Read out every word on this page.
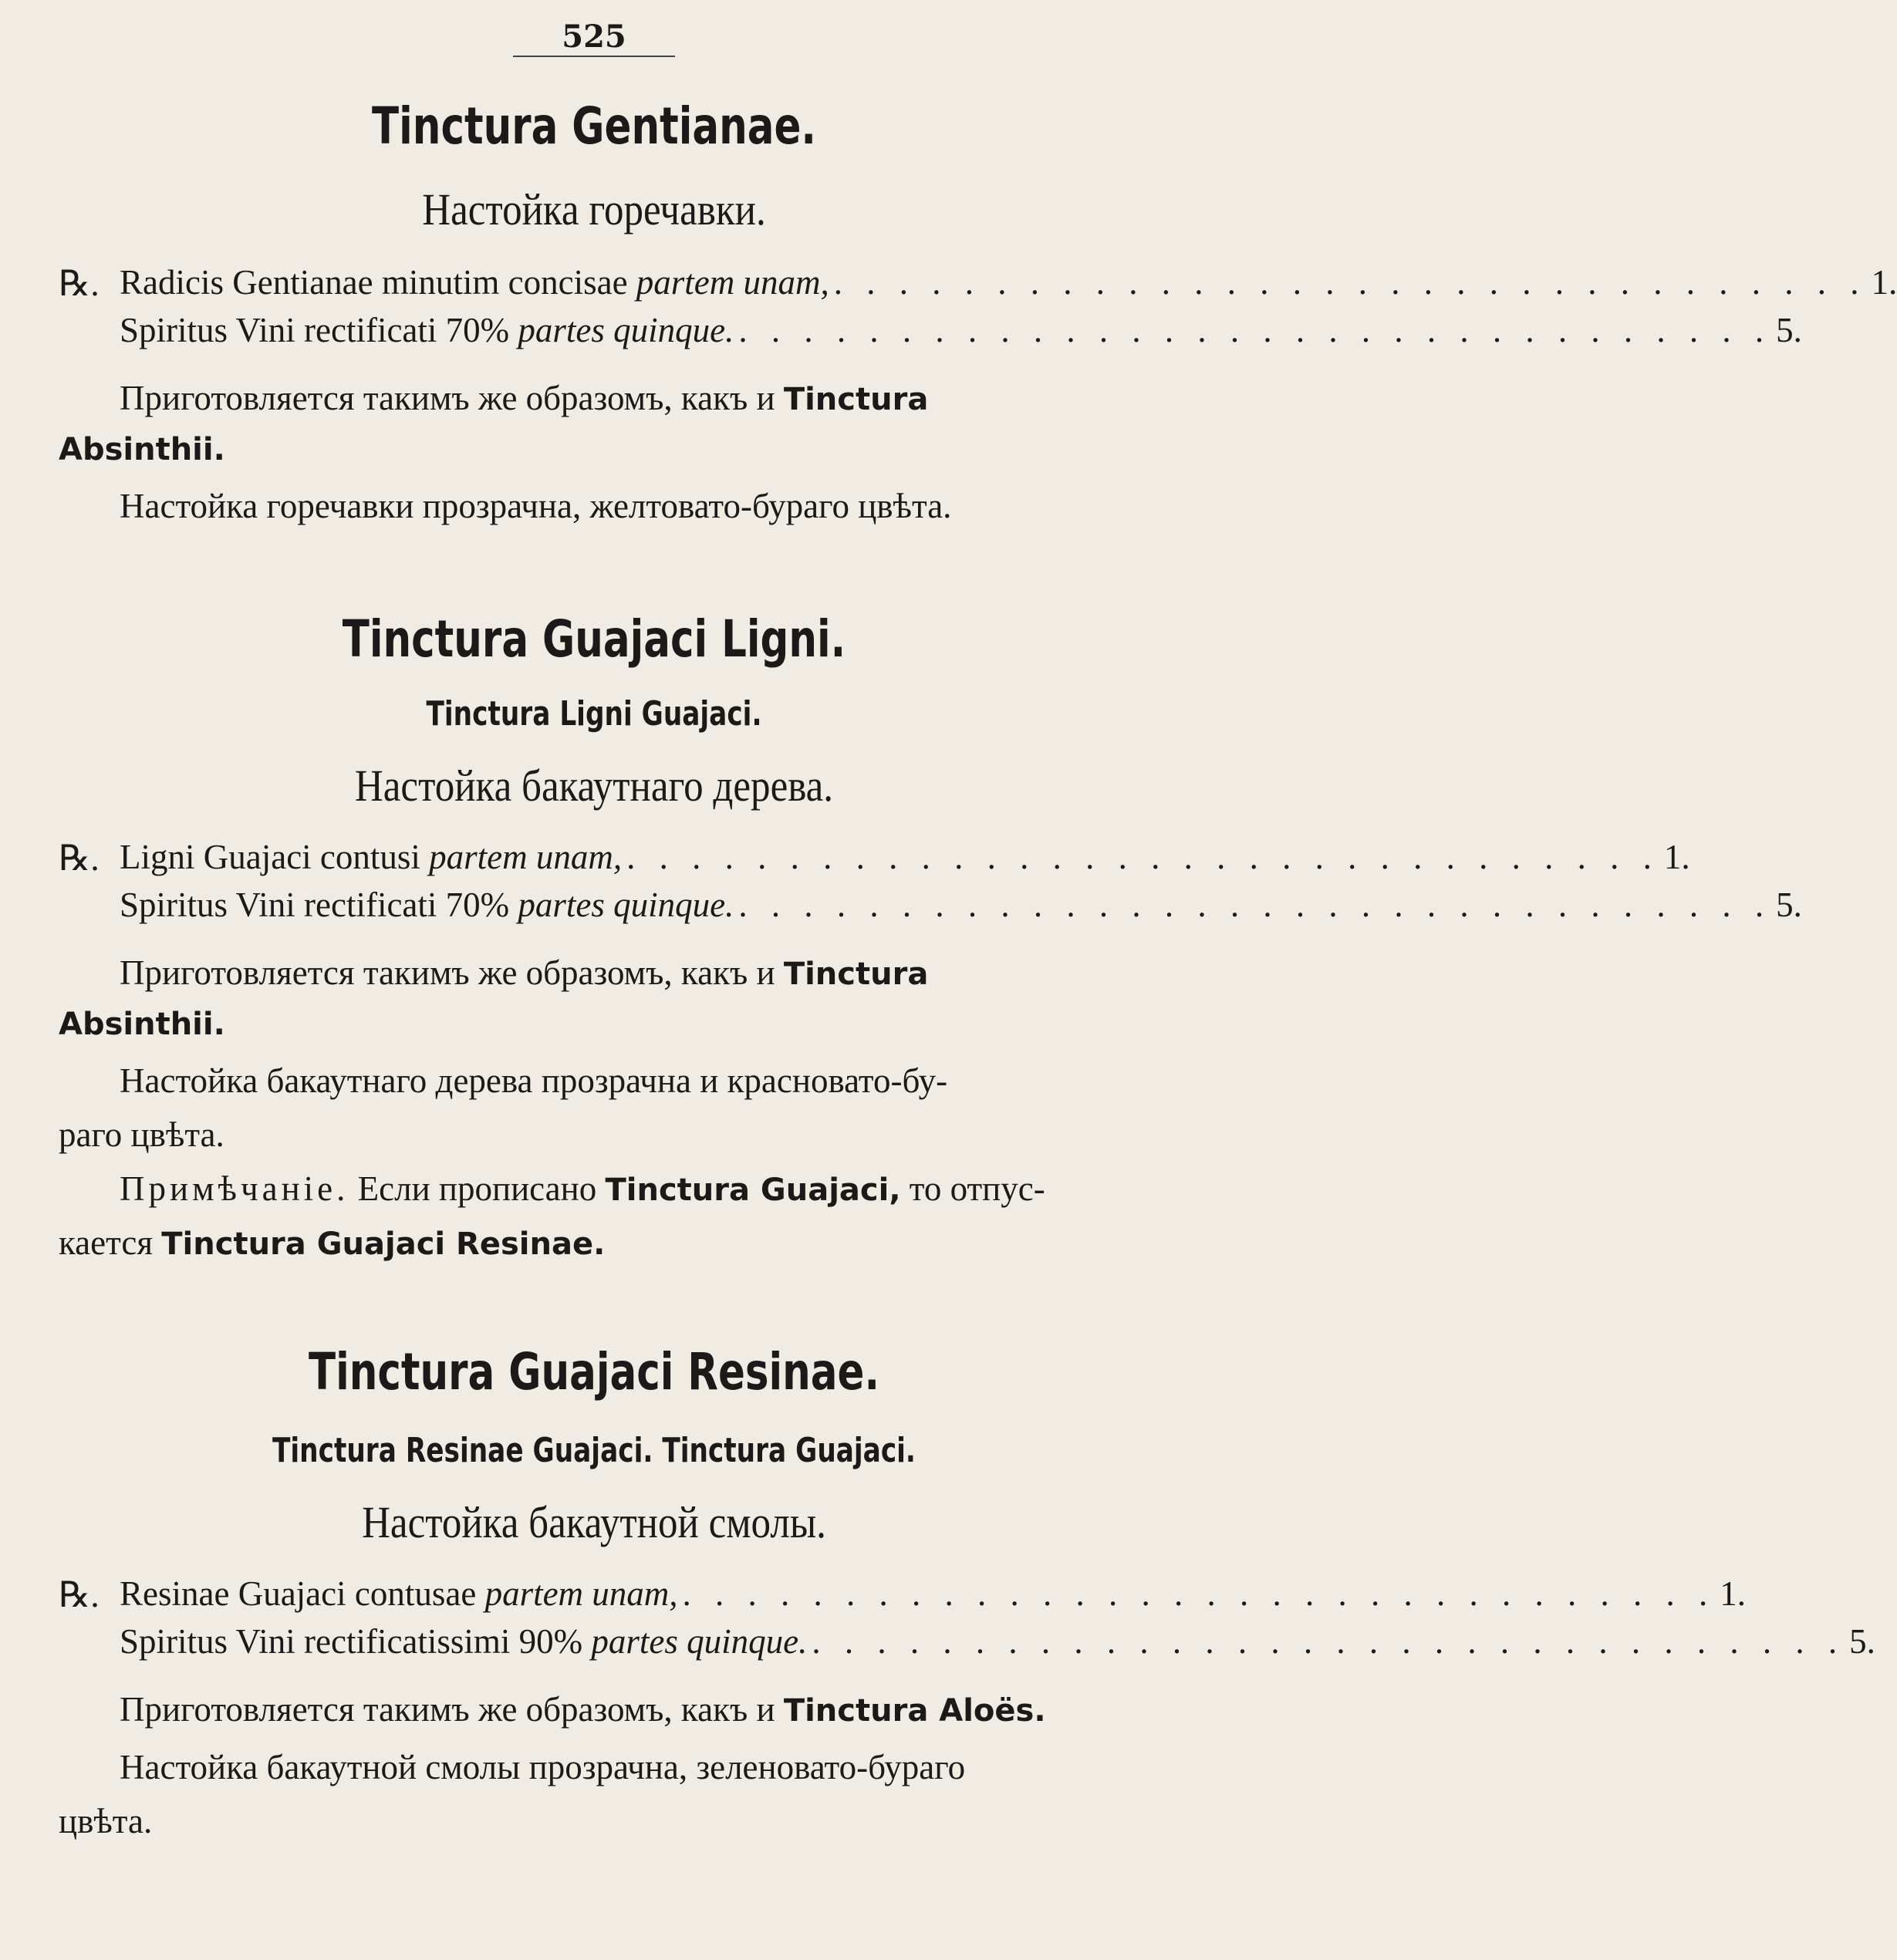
525
Tinctura Gentianae.
Настойка горечавки.
℞. Radicis Gentianae minutim concisae
partem unam, . . . . . . . . . . . . . . . . . . . . . . . . . . . . . . . . 1.
Spiritus Vini rectificati 70%
partes quinque. . . . . . . . . . . . . . . . . . . . . . . . . . . . . . . . . 5.
Приготовляется такимъ же образомъ, какъ и Tinctura
Absinthii.
Настойка горечавки прозрачна, желтовато-бураго цвѣта.
Tinctura Guajaci Ligni.
Tinctura Ligni Guajaci.
Настойка бакаутнаго дерева.
℞. Ligni Guajaci contusi
partem unam, . . . . . . . . . . . . . . . . . . . . . . . . . . . . . . . . 1.
Spiritus Vini rectificati 70%
partes quinque. . . . . . . . . . . . . . . . . . . . . . . . . . . . . . . . . 5.
Приготовляется такимъ же образомъ, какъ и Tinctura
Absinthii.
Настойка бакаутнаго дерева прозрачна и красновато-бу-
раго цвѣта.
Примѣчаніе. Если прописано Tinctura Guajaci, то отпус-
кается Tinctura Guajaci Resinae.
Tinctura Guajaci Resinae.
Tinctura Resinae Guajaci. Tinctura Guajaci.
Настойка бакаутной смолы.
℞. Resinae Guajaci contusae
partem unam, . . . . . . . . . . . . . . . . . . . . . . . . . . . . . . . . 1.
Spiritus Vini rectificatissimi 90%
partes quinque. . . . . . . . . . . . . . . . . . . . . . . . . . . . . . . . . 5.
Приготовляется такимъ же образомъ, какъ и Tinctura Aloës.
Настойка бакаутной смолы прозрачна, зеленовато-бураго
цвѣта.
